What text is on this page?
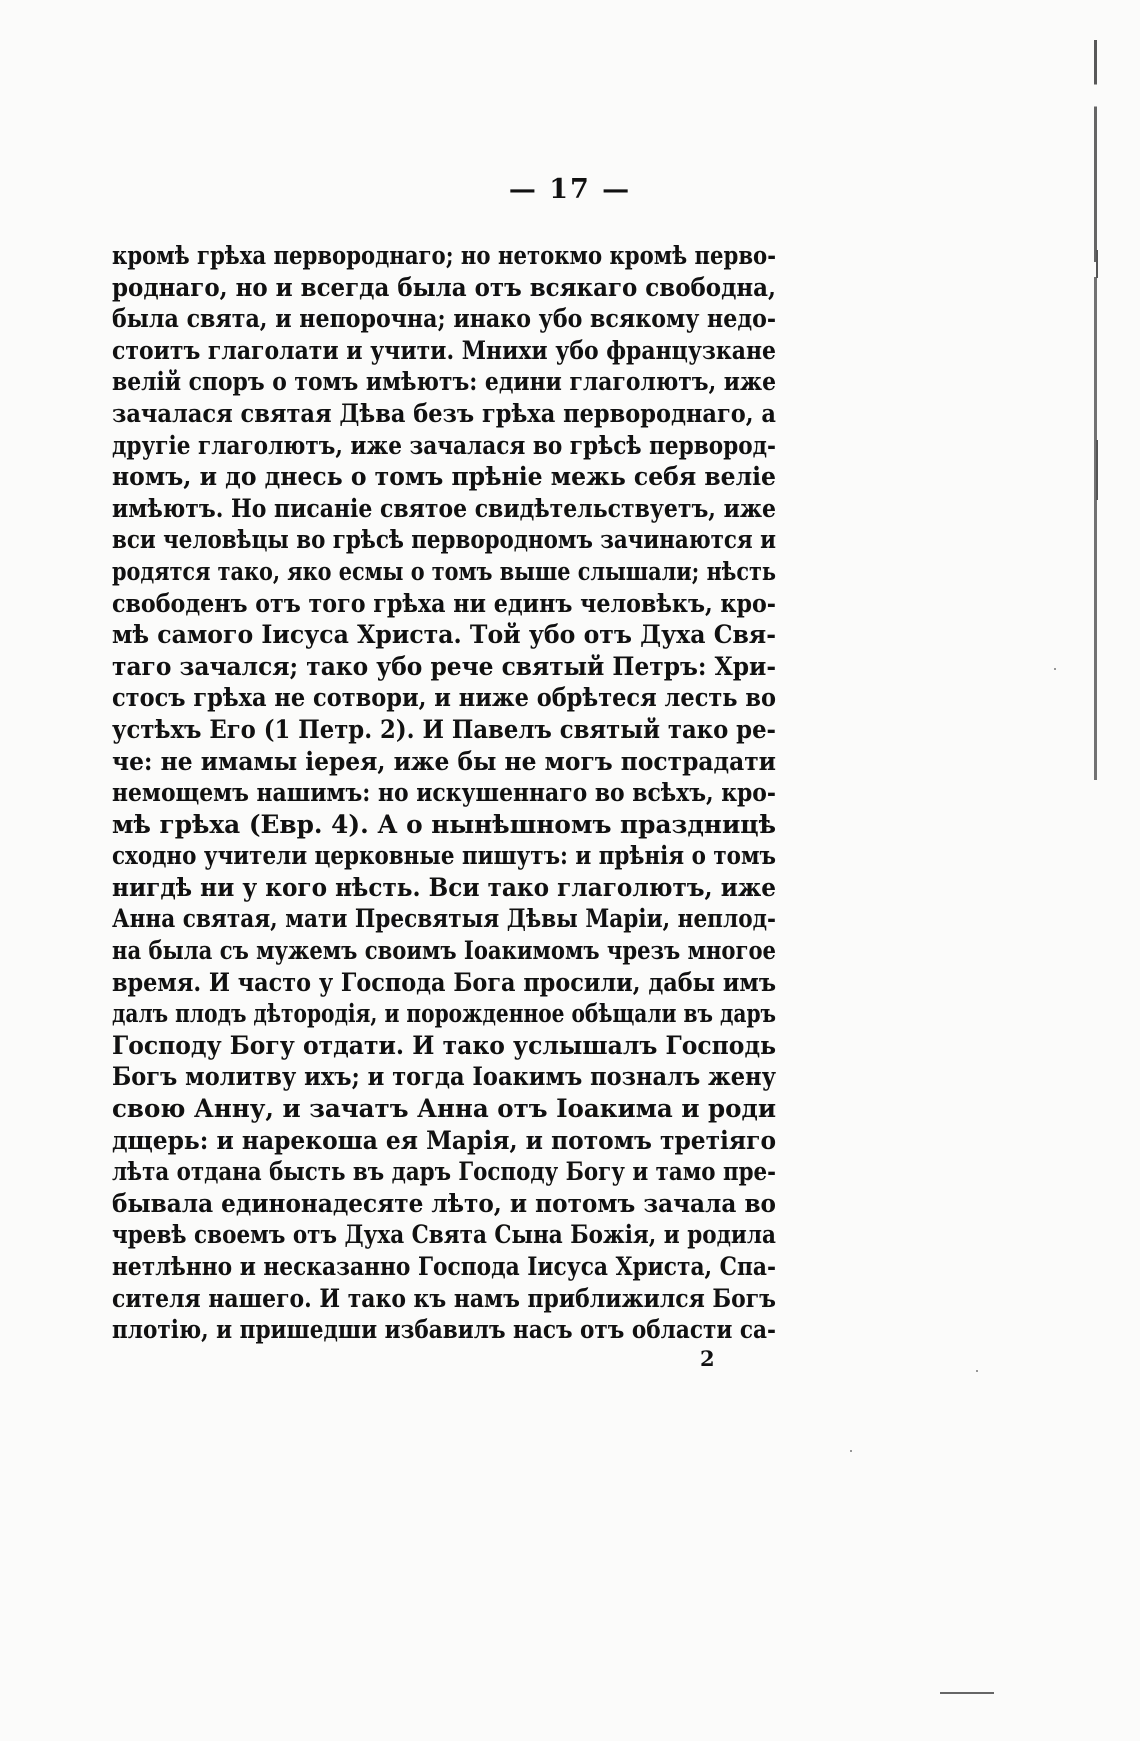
— 17 —
кромѣ грѣха первороднаго; но нетокмо кромѣ перво-
роднаго, но и всегда была отъ всякаго свободна,
была свята, и непорочна; инако убо всякому недо-
стоитъ глаголати и учити. Мнихи убо французкане
велій споръ о томъ имѣютъ: едини глаголютъ, иже
зачалася святая Дѣва безъ грѣха первороднаго, а
другіе глаголютъ, иже зачалася во грѣсѣ первород-
номъ, и до днесь о томъ прѣніе межь себя веліе
имѣютъ. Но писаніе святое свидѣтельствуетъ, иже
вси человѣцы во грѣсѣ первородномъ зачинаются и
родятся тако, яко есмы о томъ выше слышали; нѣсть
свободенъ отъ того грѣха ни единъ человѣкъ, кро-
мѣ самого Іисуса Христа. Той убо отъ Духа Свя-
таго зачался; тако убо рече святый Петръ: Хри-
стосъ грѣха не сотвори, и ниже обрѣтеся лесть во
устѣхъ Его (1 Петр. 2). И Павелъ святый тако ре-
че: не имамы іерея, иже бы не могъ пострадати
немощемъ нашимъ: но искушеннаго во всѣхъ, кро-
мѣ грѣха (Евр. 4). А о нынѣшномъ праздницѣ
сходно учители церковные пишутъ: и прѣнія о томъ
нигдѣ ни у кого нѣсть. Вси тако глаголютъ, иже
Анна святая, мати Пресвятыя Дѣвы Маріи, неплод-
на была съ мужемъ своимъ Іоакимомъ чрезъ многое
время. И часто у Господа Бога просили, дабы имъ
далъ плодъ дѣтородія, и порожденное обѣщали въ даръ
Господу Богу отдати. И тако услышалъ Господь
Богъ молитву ихъ; и тогда Іоакимъ позналъ жену
свою Анну, и зачатъ Анна отъ Іоакима и роди
дщерь: и нарекоша ея Марія, и потомъ третіяго
лѣта отдана бысть въ даръ Господу Богу и тамо пре-
бывала единонадесяте лѣто, и потомъ зачала во
чревѣ своемъ отъ Духа Свята Сына Божія, и родила
нетлѣнно и несказанно Господа Іисуса Христа, Спа-
сителя нашего. И тако къ намъ приближился Богъ
плотію, и пришедши избавилъ насъ отъ области са-
2
